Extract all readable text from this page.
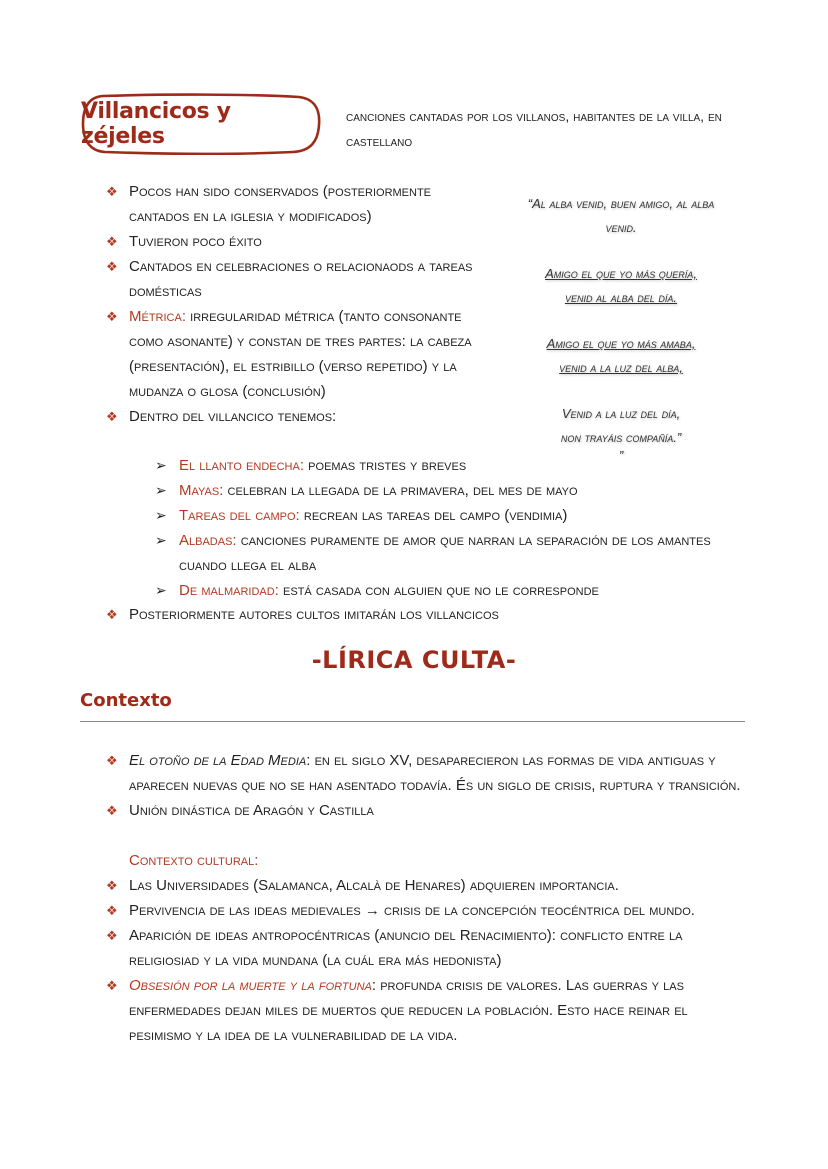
Villancicos y zéjeles
canciones cantadas por los villanos, habitantes de la villa, en castellano
❖ Pocos han sido conservados (posteriormente cantados en la iglesia y modificados)
❖ Tuvieron poco éxito
❖ Cantados en celebraciones o relacionaods a tareas domésticas
❖ Métrica: irregularidad métrica (tanto consonante como asonante) y constan de tres partes: la cabeza (presentación), el estribillo (verso repetido) y la mudanza o glosa (conclusión)
❖ Dentro del villancico tenemos:
“Al alba venid, buen amigo, al alba venid.
Amigo el que yo más quería,
venid al alba del día.
Amigo el que yo más amaba,
venid a la luz del alba,
Venid a la luz del día,
non trayáis compañía.”
”
➢ El llanto endecha: poemas tristes y breves
➢ Mayas: celebran la llegada de la primavera, del mes de mayo
➢ Tareas del campo: recrean las tareas del campo (vendimia)
➢ Albadas: canciones puramente de amor que narran la separación de los amantes cuando llega el alba
➢ De malmaridad: está casada con alguien que no le corresponde
❖ Posteriormente autores cultos imitarán los villancicos
-LÍRICA CULTA-
Contexto
❖ El otoño de la Edad Media: en el siglo XV, desaparecieron las formas de vida antiguas y aparecen nuevas que no se han asentado todavía. És un siglo de crisis, ruptura y transición.
❖ Unión dinástica de Aragón y Castilla
Contexto cultural:
❖ Las Universidades (Salamanca, Alcalà de Henares) adquieren importancia.
❖ Pervivencia de las ideas medievales → crisis de la concepción teocéntrica del mundo.
❖ Aparición de ideas antropocéntricas (anuncio del Renacimiento): conflicto entre la religiosiad y la vida mundana (la cuál era más hedonista)
❖ Obsesión por la muerte y la fortuna: profunda crisis de valores. Las guerras y las enfermedades dejan miles de muertos que reducen la población. Esto hace reinar el pesimismo y la idea de la vulnerabilidad de la vida.
